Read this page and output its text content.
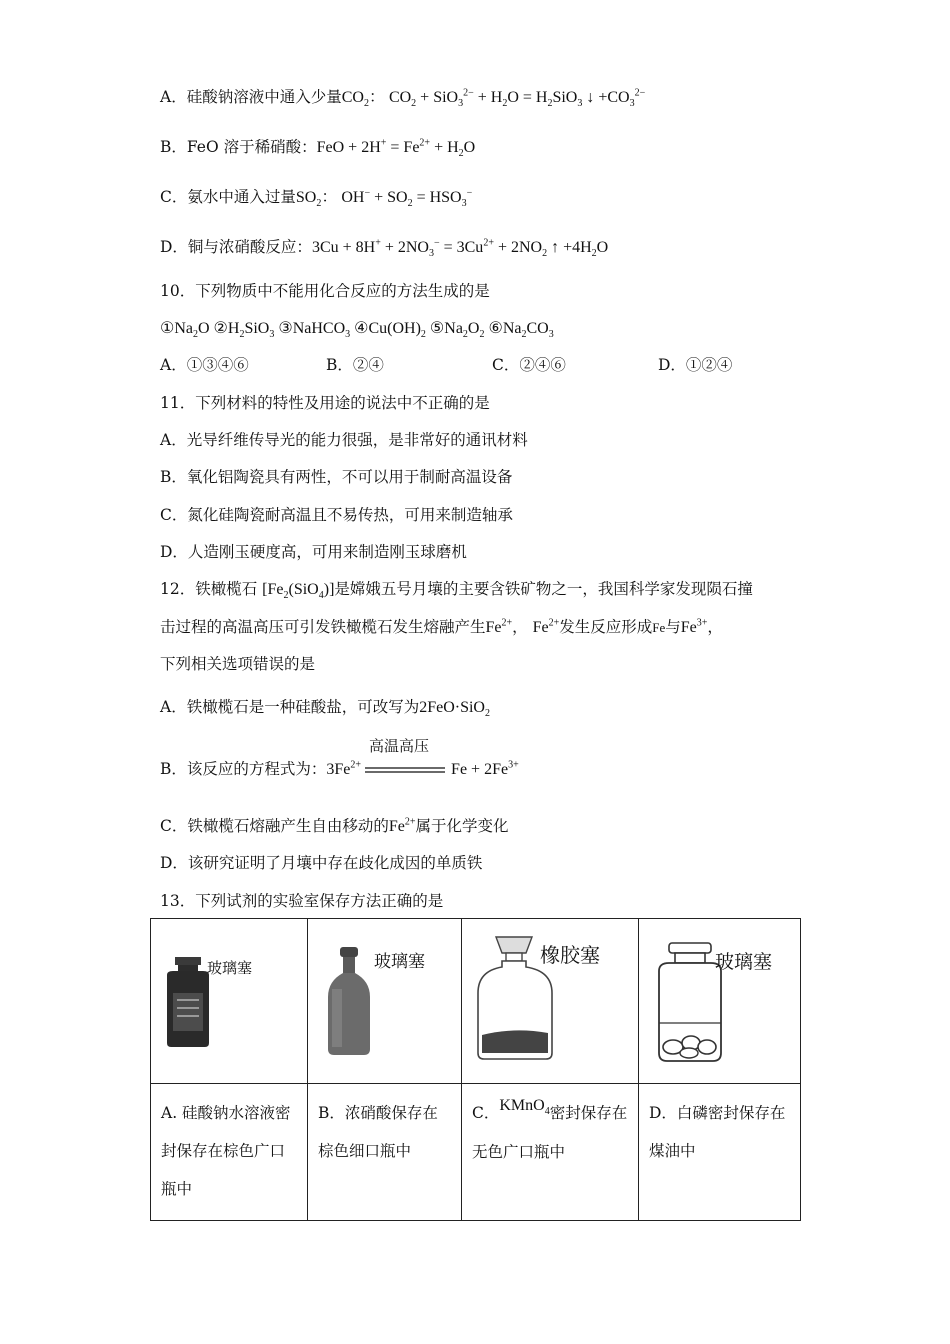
A．硅酸钠溶液中通入少量$CO_2$： $CO_2 + SiO_3^{2-} + H_2O = H_2SiO_3$ ↓ $+CO_3^{2-}$
B．FeO 溶于稀硝酸：FeO + $2H^+ = Fe^{2+} + H_2O$
C．氨水中通入过量$SO_2$： $OH^- + SO_2 = HSO_3^-$
D．铜与浓硝酸反应：$3Cu + 8H^+ + 2NO_3^- = 3Cu^{2+} + 2NO_2$ ↑ $+4H_2O$
10．下列物质中不能用化合反应的方法生成的是
$①Na_2O$ $②H_2SiO_3$ ③NaHCO$_3$ $④Cu(OH)_2$ $⑤Na_2O_2$ $⑥Na_2CO_3$
A．①③④⑥	B．②④	C．②④⑥	D．①②④
11．下列材料的特性及用途的说法中不正确的是
A．光导纤维传导光的能力很强，是非常好的通讯材料
B．氧化铝陶瓷具有两性，不可以用于制耐高温设备
C．氮化硅陶瓷耐高温且不易传热，可用来制造轴承
D．人造刚玉硬度高，可用来制造刚玉球磨机
12．铁橄榄石 $[Fe_2(SiO_4)]$是嫦娥五号月壤的主要含铁矿物之一，我国科学家发现陨石撞
击过程的高温高压可引发铁橄榄石发生熔融产生$Fe^{2+}$， $Fe^{2+}$发生反应形成Fe与$Fe^{3+}$，
下列相关选项错误的是
A．铁橄榄石是一种硅酸盐，可改写为2FeO·SiO$_2$
B．该反应的方程式为：$3Fe^{2+}$
高温高压
$Fe + 2Fe^{3+}$
C．铁橄榄石熔融产生自由移动的$Fe^{2+}$属于化学变化
D．该研究证明了月壤中存在歧化成因的单质铁
13．下列试剂的实验室保存方法正确的是
玻璃塞	玻璃塞	橡胶塞	玻璃塞

A. 硅酸钠水溶液密封保存在棕色广口瓶中	B．浓硝酸保存在棕色细口瓶中	C．KMnO$_4$密封保存在无色广口瓶中	D．白磷密封保存在煤油中
